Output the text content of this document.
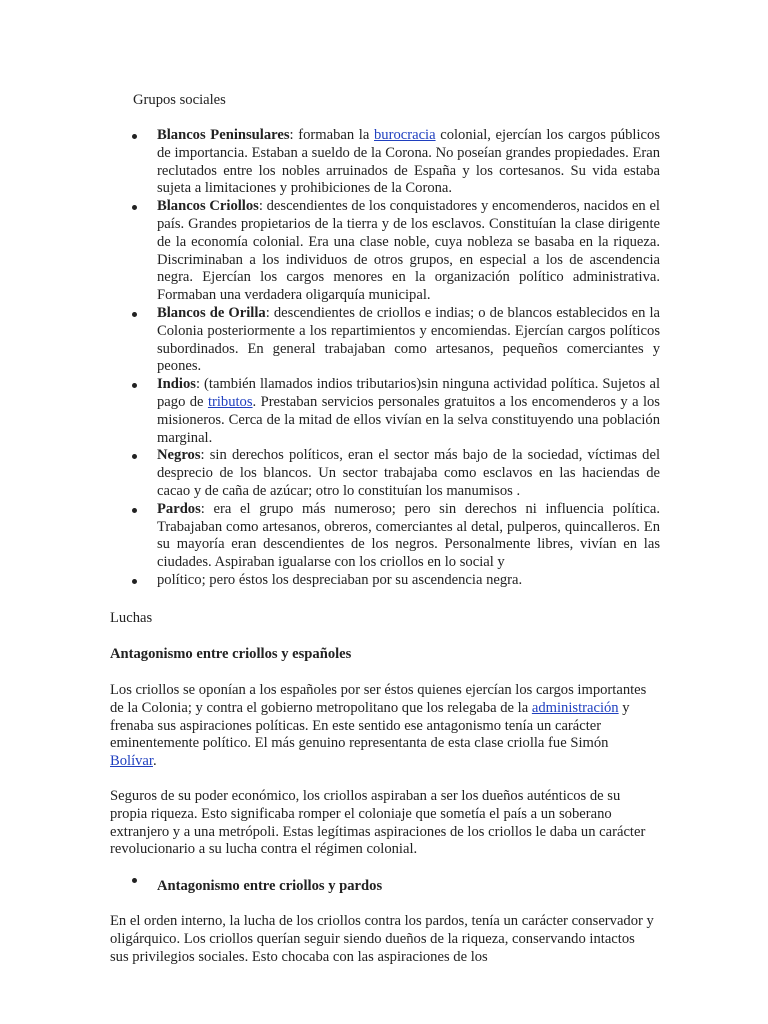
Grupos sociales

Blancos Peninsulares: formaban la burocracia colonial, ejercían los cargos públicos de importancia. Estaban a sueldo de la Corona. No poseían grandes propiedades. Eran reclutados entre los nobles arruinados de España y los cortesanos. Su vida estaba sujeta a limitaciones y prohibiciones de la Corona.
Blancos Criollos: descendientes de los conquistadores y encomenderos, nacidos en el país. Grandes propietarios de la tierra y de los esclavos. Constituían la clase dirigente de la economía colonial. Era una clase noble, cuya nobleza se basaba en la riqueza. Discriminaban a los individuos de otros grupos, en especial a los de ascendencia negra. Ejercían los cargos menores en la organización político administrativa. Formaban una verdadera oligarquía municipal.
Blancos de Orilla: descendientes de criollos e indias; o de blancos establecidos en la Colonia posteriormente a los repartimientos y encomiendas. Ejercían cargos políticos subordinados. En general trabajaban como artesanos, pequeños comerciantes y peones.
Indios: (también llamados indios tributarios)sin ninguna actividad política. Sujetos al pago de tributos. Prestaban servicios personales gratuitos a los encomenderos y a los misioneros. Cerca de la mitad de ellos vivían en la selva constituyendo una población marginal.
Negros: sin derechos políticos, eran el sector más bajo de la sociedad, víctimas del desprecio de los blancos. Un sector trabajaba como esclavos en las haciendas de cacao y de caña de azúcar; otro lo constituían los manumisos .
Pardos: era el grupo más numeroso; pero sin derechos ni influencia política. Trabajaban como artesanos, obreros, comerciantes al detal, pulperos, quincalleros. En su mayoría eran descendientes de los negros. Personalmente libres, vivían en las ciudades. Aspiraban igualarse con los criollos en lo social y
político; pero éstos los despreciaban por su ascendencia negra.

Luchas

Antagonismo entre criollos y españoles

Los criollos se oponían a los españoles por ser éstos quienes ejercían los cargos importantes de la Colonia; y contra el gobierno metropolitano que los relegaba de la administración y frenaba sus aspiraciones políticas. En este sentido ese antagonismo tenía un carácter eminentemente político. El más genuino representanta de esta clase criolla fue Simón Bolívar.

Seguros de su poder económico, los criollos aspiraban a ser los dueños auténticos de su propia riqueza. Esto significaba romper el coloniaje que sometía el país a un soberano extranjero y a una metrópoli. Estas legítimas aspiraciones de los criollos le daba un carácter revolucionario a su lucha contra el régimen colonial.

Antagonismo entre criollos y pardos

En el orden interno, la lucha de los criollos contra los pardos, tenía un carácter conservador y oligárquico. Los criollos querían seguir siendo dueños de la riqueza, conservando intactos sus privilegios sociales. Esto chocaba con las aspiraciones de los
